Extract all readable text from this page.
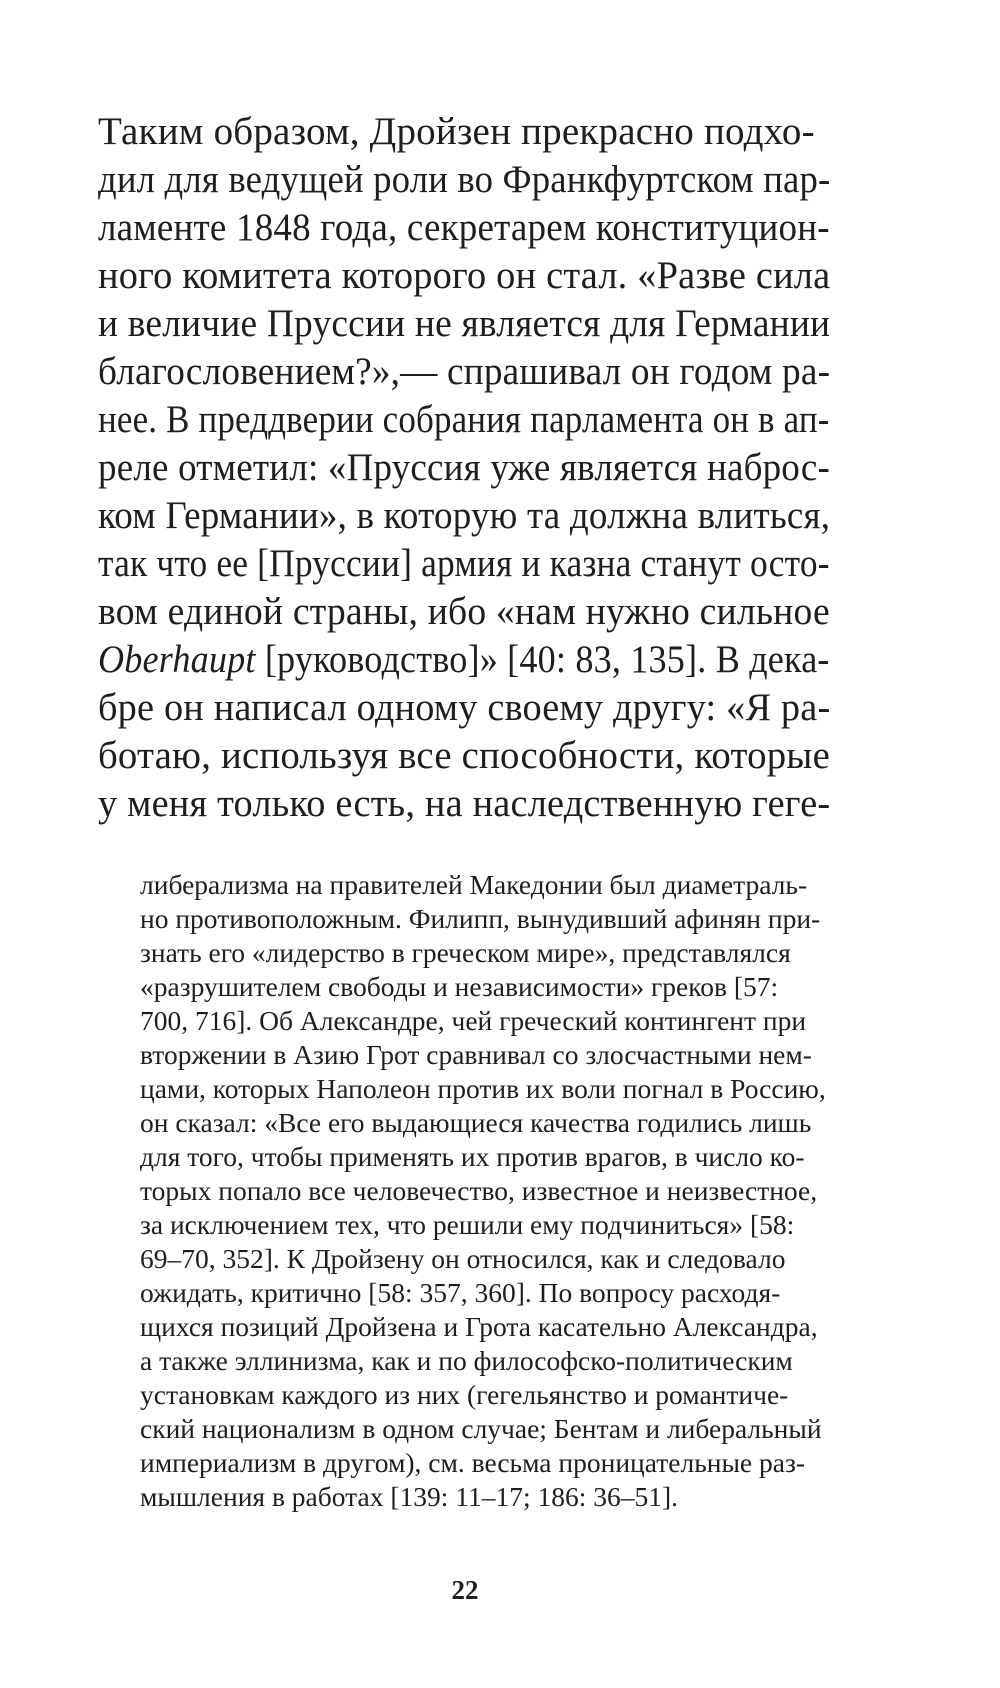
Таким образом, Дройзен прекрасно подхо-
дил для ведущей роли во Франкфуртском пар-
ламенте 1848 года, секретарем конституцион-
ного комитета которого он стал. «Разве сила
и величие Пруссии не является для Германии
благословением?»,— спрашивал он годом ра-
нее. В преддверии собрания парламента он в ап-
реле отметил: «Пруссия уже является наброс-
ком Германии», в которую та должна влиться,
так что ее [Пруссии] армия и казна станут осто-
вом единой страны, ибо «нам нужно сильное
Oberhaupt [руководство]» [40: 83, 135]. В дека-
бре он написал одному своему другу: «Я ра-
ботаю, используя все способности, которые
у меня только есть, на наследственную геге-
либерализма на правителей Македонии был диаметраль-
но противоположным. Филипп, вынудивший афинян при-
знать его «лидерство в греческом мире», представлялся
«разрушителем свободы и независимости» греков [57:
700, 716]. Об Александре, чей греческий контингент при
вторжении в Азию Грот сравнивал со злосчастными нем-
цами, которых Наполеон против их воли погнал в Россию,
он сказал: «Все его выдающиеся качества годились лишь
для того, чтобы применять их против врагов, в число ко-
торых попало все человечество, известное и неизвестное,
за исключением тех, что решили ему подчиниться» [58:
69–70, 352]. К Дройзену он относился, как и следовало
ожидать, критично [58: 357, 360]. По вопросу расходя-
щихся позиций Дройзена и Грота касательно Александра,
а также эллинизма, как и по философско-политическим
установкам каждого из них (гегельянство и романтиче-
ский национализм в одном случае; Бентам и либеральный
империализм в другом), см. весьма проницательные раз-
мышления в работах [139: 11–17; 186: 36–51].
22
